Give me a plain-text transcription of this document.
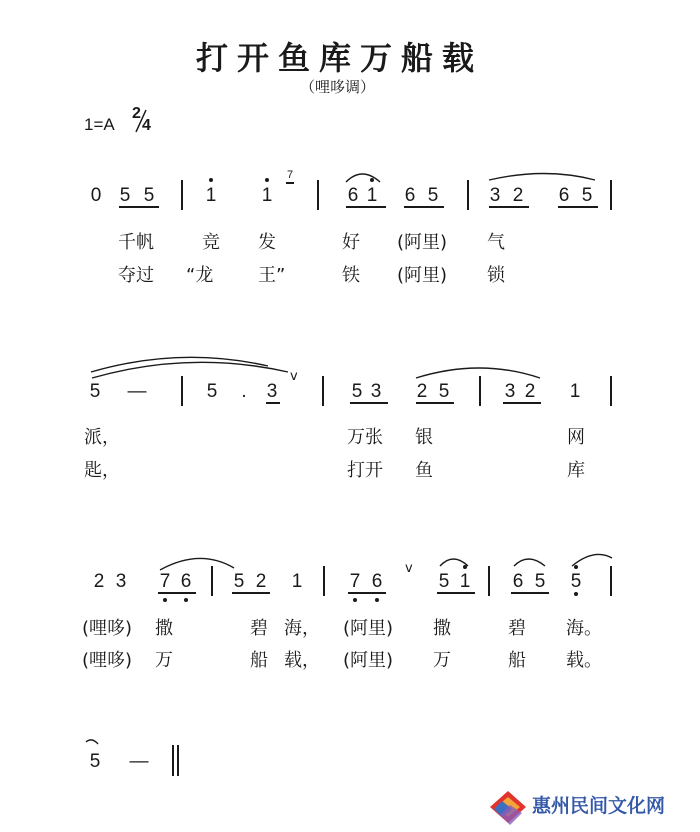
打开鱼库万船载
（哩哆调）
1=A
2
4
0 5 5	1 1
7
6 1 6 5	3 2 6 5
千帆	竞 发	好 (阿里) 气
夺过 “龙 王”	铁 (阿里) 锁
5 —	5	.	3
v
5 3 2 5	3 2 1
派，	万张 银	网
匙，	打开 鱼	库
2 3 7 6 5 2 1 7 6
v
5 1 6 5 5
(哩哆) 撒	碧 海， (阿里) 撒	碧 海。
(哩哆) 万	船 载， (阿里) 万	船 载。
5 —
惠州民间文化网
